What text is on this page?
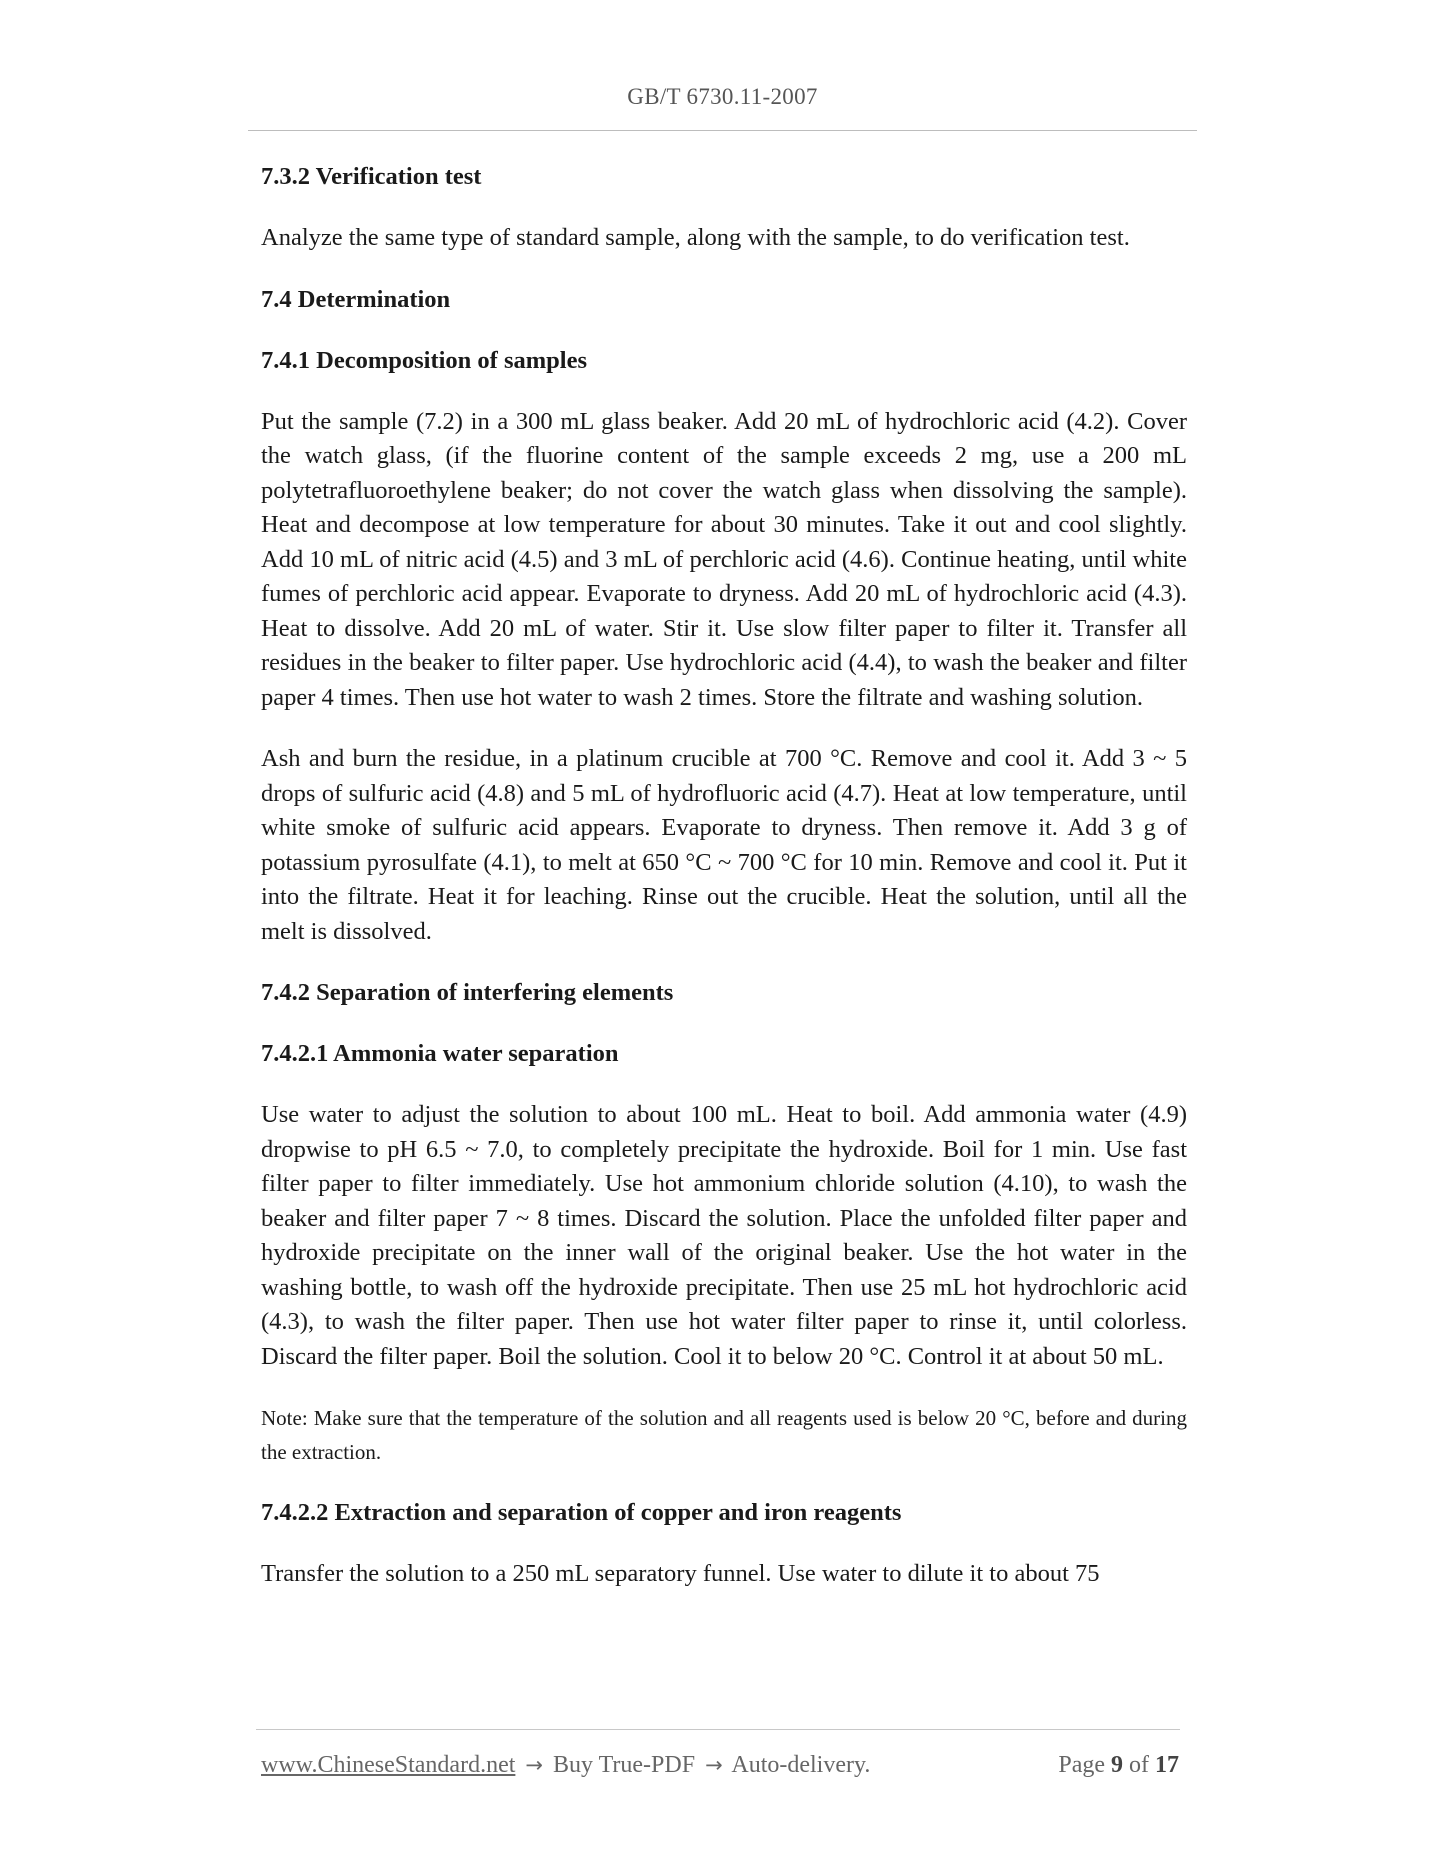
GB/T 6730.11-2007
7.3.2 Verification test
Analyze the same type of standard sample, along with the sample, to do verification test.
7.4 Determination
7.4.1 Decomposition of samples
Put the sample (7.2) in a 300 mL glass beaker. Add 20 mL of hydrochloric acid (4.2). Cover the watch glass, (if the fluorine content of the sample exceeds 2 mg, use a 200 mL polytetrafluoroethylene beaker; do not cover the watch glass when dissolving the sample). Heat and decompose at low temperature for about 30 minutes. Take it out and cool slightly. Add 10 mL of nitric acid (4.5) and 3 mL of perchloric acid (4.6). Continue heating, until white fumes of perchloric acid appear. Evaporate to dryness. Add 20 mL of hydrochloric acid (4.3). Heat to dissolve. Add 20 mL of water. Stir it. Use slow filter paper to filter it. Transfer all residues in the beaker to filter paper. Use hydrochloric acid (4.4), to wash the beaker and filter paper 4 times. Then use hot water to wash 2 times. Store the filtrate and washing solution.
Ash and burn the residue, in a platinum crucible at 700 °C. Remove and cool it. Add 3 ~ 5 drops of sulfuric acid (4.8) and 5 mL of hydrofluoric acid (4.7). Heat at low temperature, until white smoke of sulfuric acid appears. Evaporate to dryness. Then remove it. Add 3 g of potassium pyrosulfate (4.1), to melt at 650 °C ~ 700 °C for 10 min. Remove and cool it. Put it into the filtrate. Heat it for leaching. Rinse out the crucible. Heat the solution, until all the melt is dissolved.
7.4.2 Separation of interfering elements
7.4.2.1 Ammonia water separation
Use water to adjust the solution to about 100 mL. Heat to boil. Add ammonia water (4.9) dropwise to pH 6.5 ~ 7.0, to completely precipitate the hydroxide. Boil for 1 min. Use fast filter paper to filter immediately. Use hot ammonium chloride solution (4.10), to wash the beaker and filter paper 7 ~ 8 times. Discard the solution. Place the unfolded filter paper and hydroxide precipitate on the inner wall of the original beaker. Use the hot water in the washing bottle, to wash off the hydroxide precipitate. Then use 25 mL hot hydrochloric acid (4.3), to wash the filter paper. Then use hot water filter paper to rinse it, until colorless. Discard the filter paper. Boil the solution. Cool it to below 20 °C. Control it at about 50 mL.
Note: Make sure that the temperature of the solution and all reagents used is below 20 °C, before and during the extraction.
7.4.2.2 Extraction and separation of copper and iron reagents
Transfer the solution to a 250 mL separatory funnel. Use water to dilute it to about 75
www.ChineseStandard.net → Buy True-PDF → Auto-delivery.	Page 9 of 17
